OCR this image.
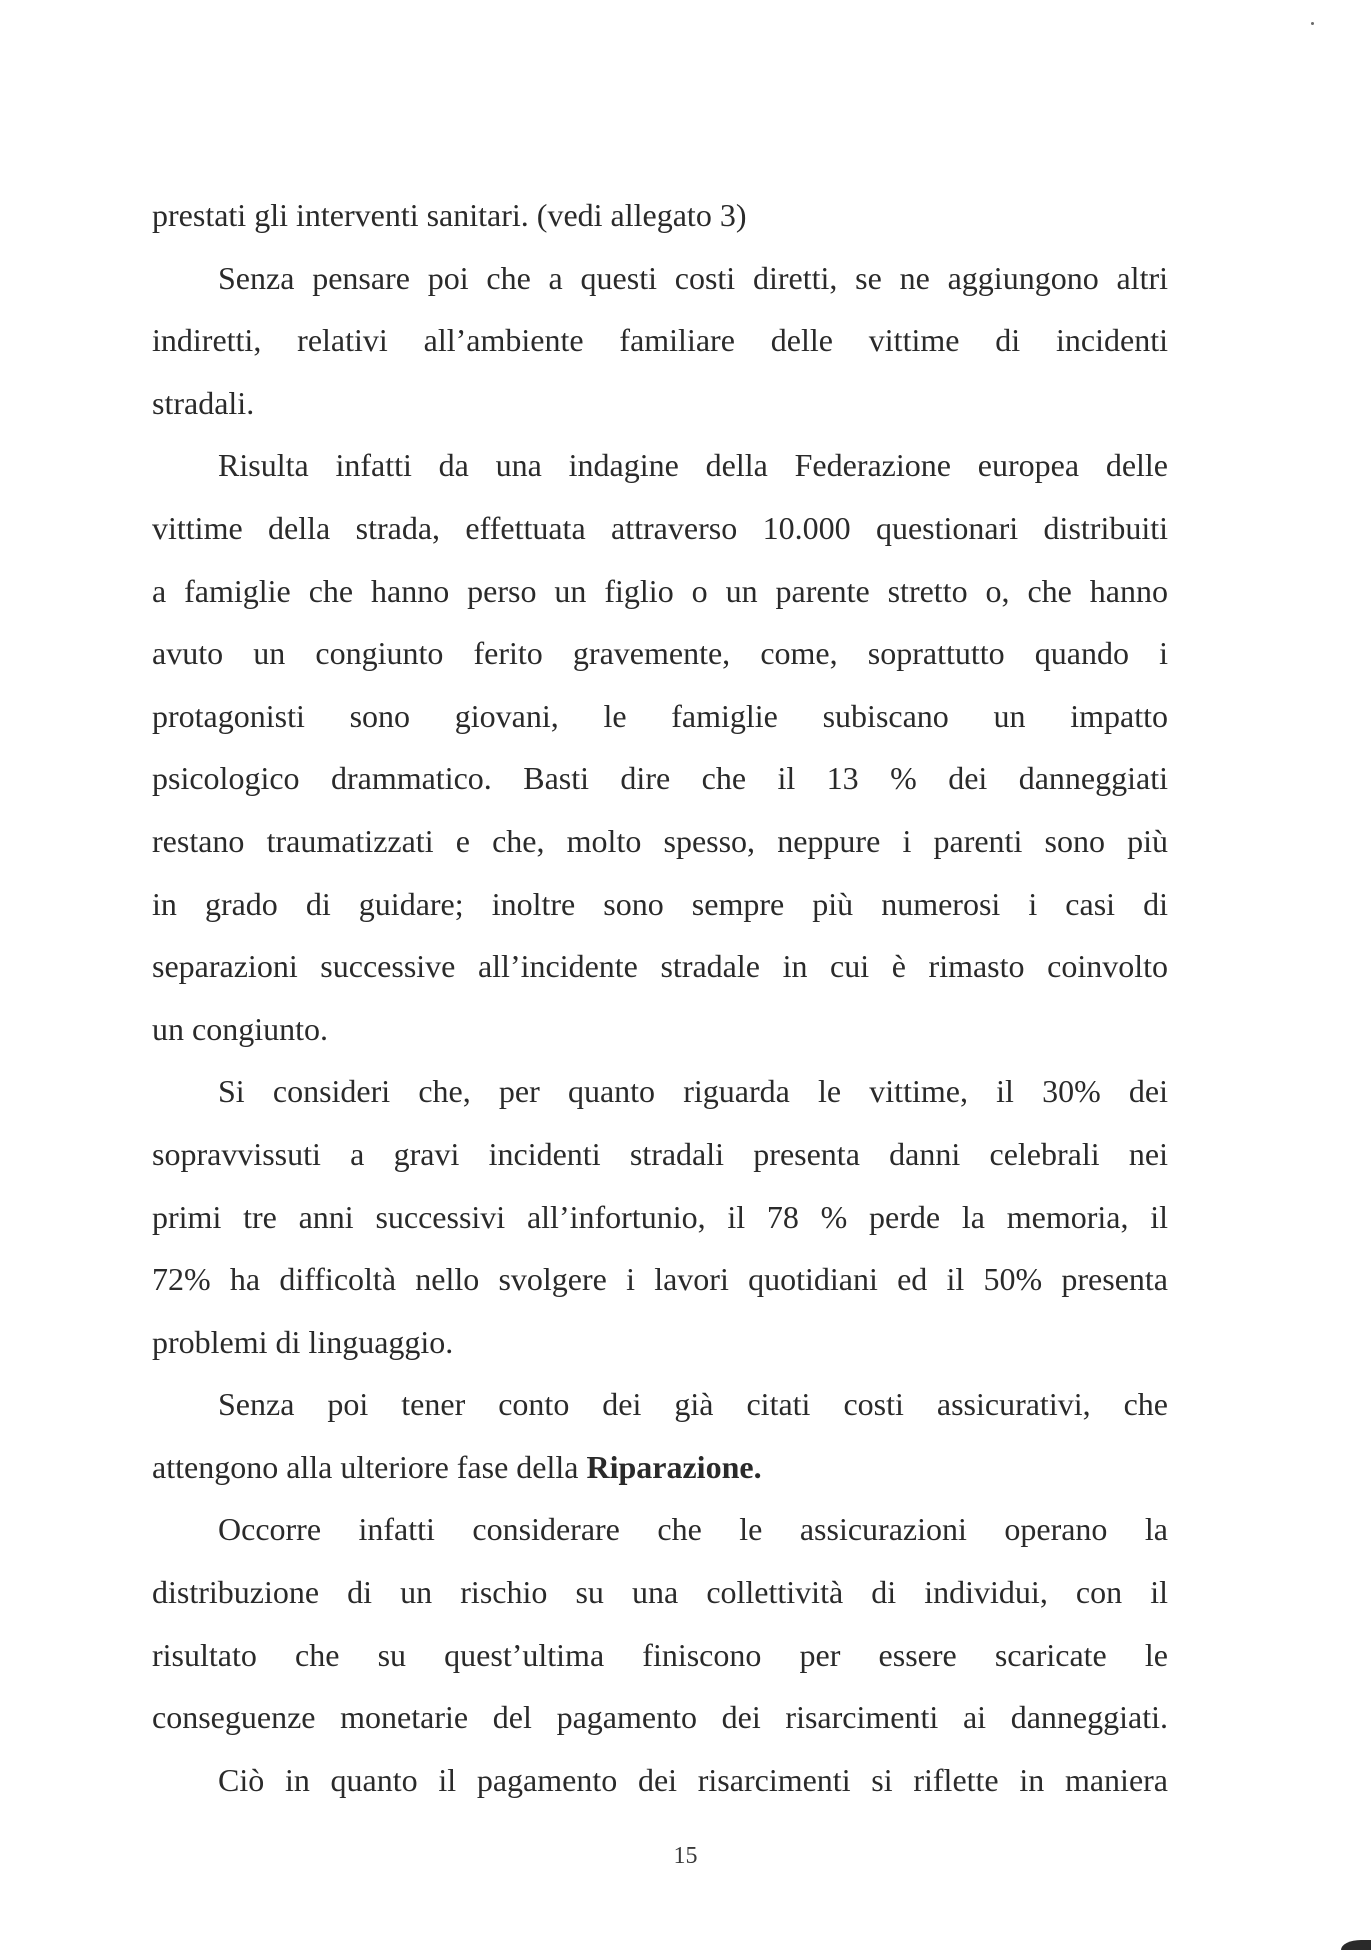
prestati gli interventi sanitari. (vedi allegato 3)
Senza pensare poi che a questi costi diretti, se ne aggiungono altri
indiretti, relativi all’ambiente familiare delle vittime di incidenti
stradali.
Risulta infatti da una indagine della Federazione europea delle
vittime della strada, effettuata attraverso 10.000 questionari distribuiti
a famiglie che hanno perso un figlio o un parente stretto o, che hanno
avuto un congiunto ferito gravemente, come, soprattutto quando i
protagonisti sono giovani, le famiglie subiscano un impatto
psicologico drammatico. Basti dire che il 13 % dei danneggiati
restano traumatizzati e che, molto spesso, neppure i parenti sono più
in grado di guidare; inoltre sono sempre più numerosi i casi di
separazioni successive all’incidente stradale in cui è rimasto coinvolto
un congiunto.
Si consideri che, per quanto riguarda le vittime, il 30% dei
sopravvissuti a gravi incidenti stradali presenta danni celebrali nei
primi tre anni successivi all’infortunio, il 78 % perde la memoria, il
72% ha difficoltà nello svolgere i lavori quotidiani ed il 50% presenta
problemi di linguaggio.
Senza poi tener conto dei già citati costi assicurativi, che
attengono alla ulteriore fase della Riparazione.
Occorre infatti considerare che le assicurazioni operano la
distribuzione di un rischio su una collettività di individui, con il
risultato che su quest’ultima finiscono per essere scaricate le
conseguenze monetarie del pagamento dei risarcimenti ai danneggiati.
Ciò in quanto il pagamento dei risarcimenti si riflette in maniera
15
